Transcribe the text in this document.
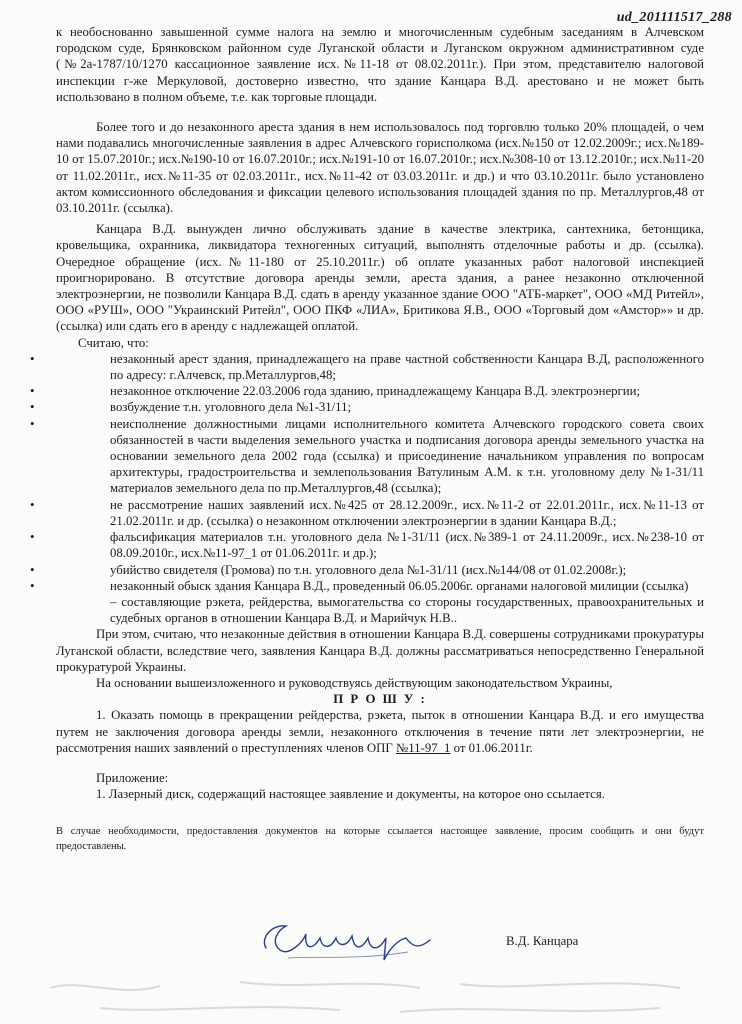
ud_201111517_288

к необоснованно завышенной сумме налога на землю и многочисленным судебным заседаниям в Алчевском городском суде, Брянковском районном суде Луганской области и Луганском окружном административном суде (№2а-1787/10/1270 кассационное заявление исх.№11-18 от 08.02.2011г.). При этом, представителю налоговой инспекции г-же Меркуловой, достоверно известно, что здание Канцара В.Д. арестовано и не может быть использовано в полном объеме, т.е. как торговые площади.

Более того и до незаконного ареста здания в нем использовалось под торговлю только 20% площадей, о чем нами подавались многочисленные заявления в адрес Алчевского горисполкома (исх.№150 от 12.02.2009г.; исх.№189-10 от 15.07.2010г.; исх.№190-10 от 16.07.2010г.; исх.№191-10 от 16.07.2010г.; исх.№308-10 от 13.12.2010г.; исх.№11-20 от 11.02.2011г., исх.№11-35 от 02.03.2011г., исх.№11-42 от 03.03.2011г. и др.) и что 03.10.2011г. было установлено актом комиссионного обследования и фиксации целевого использования площадей здания по пр. Металлургов,48 от 03.10.2011г. (ссылка).

Канцара В.Д. вынужден лично обслуживать здание в качестве электрика, сантехника, бетонщика, кровельщика, охранника, ликвидатора техногенных ситуаций, выполнять отделочные работы и др. (ссылка). Очередное обращение (исх.№11-180 от 25.10.2011г.) об оплате указанных работ налоговой инспекцией проигнорировано. В отсутствие договора аренды земли, ареста здания, а ранее незаконно отключенной электроэнергии, не позволили Канцара В.Д. сдать в аренду указанное здание ООО "АТБ-маркет", ООО «МД Ритейл», ООО «РУШ», ООО "Украинский Ритейл", ООО ПКФ «ЛИА», Бритикова Я.В., ООО «Торговый дом «Амстор»» и др. (ссылка) или сдать его в аренду с надлежащей оплатой.

Считаю, что:

• незаконный арест здания, принадлежащего на праве частной собственности Канцара В.Д, расположенного по адресу: г.Алчевск, пр.Металлургов,48;
• незаконное отключение 22.03.2006 года зданию, принадлежащему Канцара В.Д. электроэнергии;
• возбуждение т.н. уголовного дела №1-31/11;
• неисполнение должностными лицами исполнительного комитета Алчевского городского совета своих обязанностей в части выделения земельного участка и подписания договора аренды земельного участка на основании земельного дела 2002 года (ссылка) и присоединение начальником управления по вопросам архитектуры, градостроительства и землепользования Ватулиным А.М. к т.н. уголовному делу №1-31/11 материалов земельного дела по пр.Металлургов,48 (ссылка);
• не рассмотрение наших заявлений исх.№425 от 28.12.2009г., исх.№11-2 от 22.01.2011г., исх.№11-13 от 21.02.2011г. и др. (ссылка) о незаконном отключении электроэнергии в здании Канцара В.Д.;
• фальсификация материалов т.н. уголовного дела №1-31/11 (исх.№389-1 от 24.11.2009г., исх.№238-10 от 08.09.2010г., исх.№11-97_1 от 01.06.2011г. и др.);
• убийство свидетеля (Громова) по т.н. уголовного дела №1-31/11 (исх.№144/08 от 01.02.2008г.);
• незаконный обыск здания Канцара В.Д., проведенный 06.05.2006г. органами налоговой милиции (ссылка)

– составляющие рэкета, рейдерства, вымогательства со стороны государственных, правоохранительных и судебных органов в отношении Канцара В.Д. и Марийчук Н.В..

При этом, считаю, что незаконные действия в отношении Канцара В.Д. совершены сотрудниками прокуратуры Луганской области, вследствие чего, заявления Канцара В.Д. должны рассматриваться непосредственно Генеральной прокуратурой Украины.

На основании вышеизложенного и руководствуясь действующим законодательством Украины,

П Р О Ш У :

1. Оказать помощь в прекращении рейдерства, рэкета, пыток в отношении Канцара В.Д. и его имущества путем не заключения договора аренды земли, незаконного отключения в течение пяти лет электроэнергии, не рассмотрения наших заявлений о преступлениях членов ОПГ №11-97_1 от 01.06.2011г.

Приложение:

1. Лазерный диск, содержащий настоящее заявление и документы, на которое оно ссылается.

В случае необходимости, предоставления документов на которые ссылается настоящее заявление, просим сообщить и они будут предоставлены.

В.Д. Канцара
